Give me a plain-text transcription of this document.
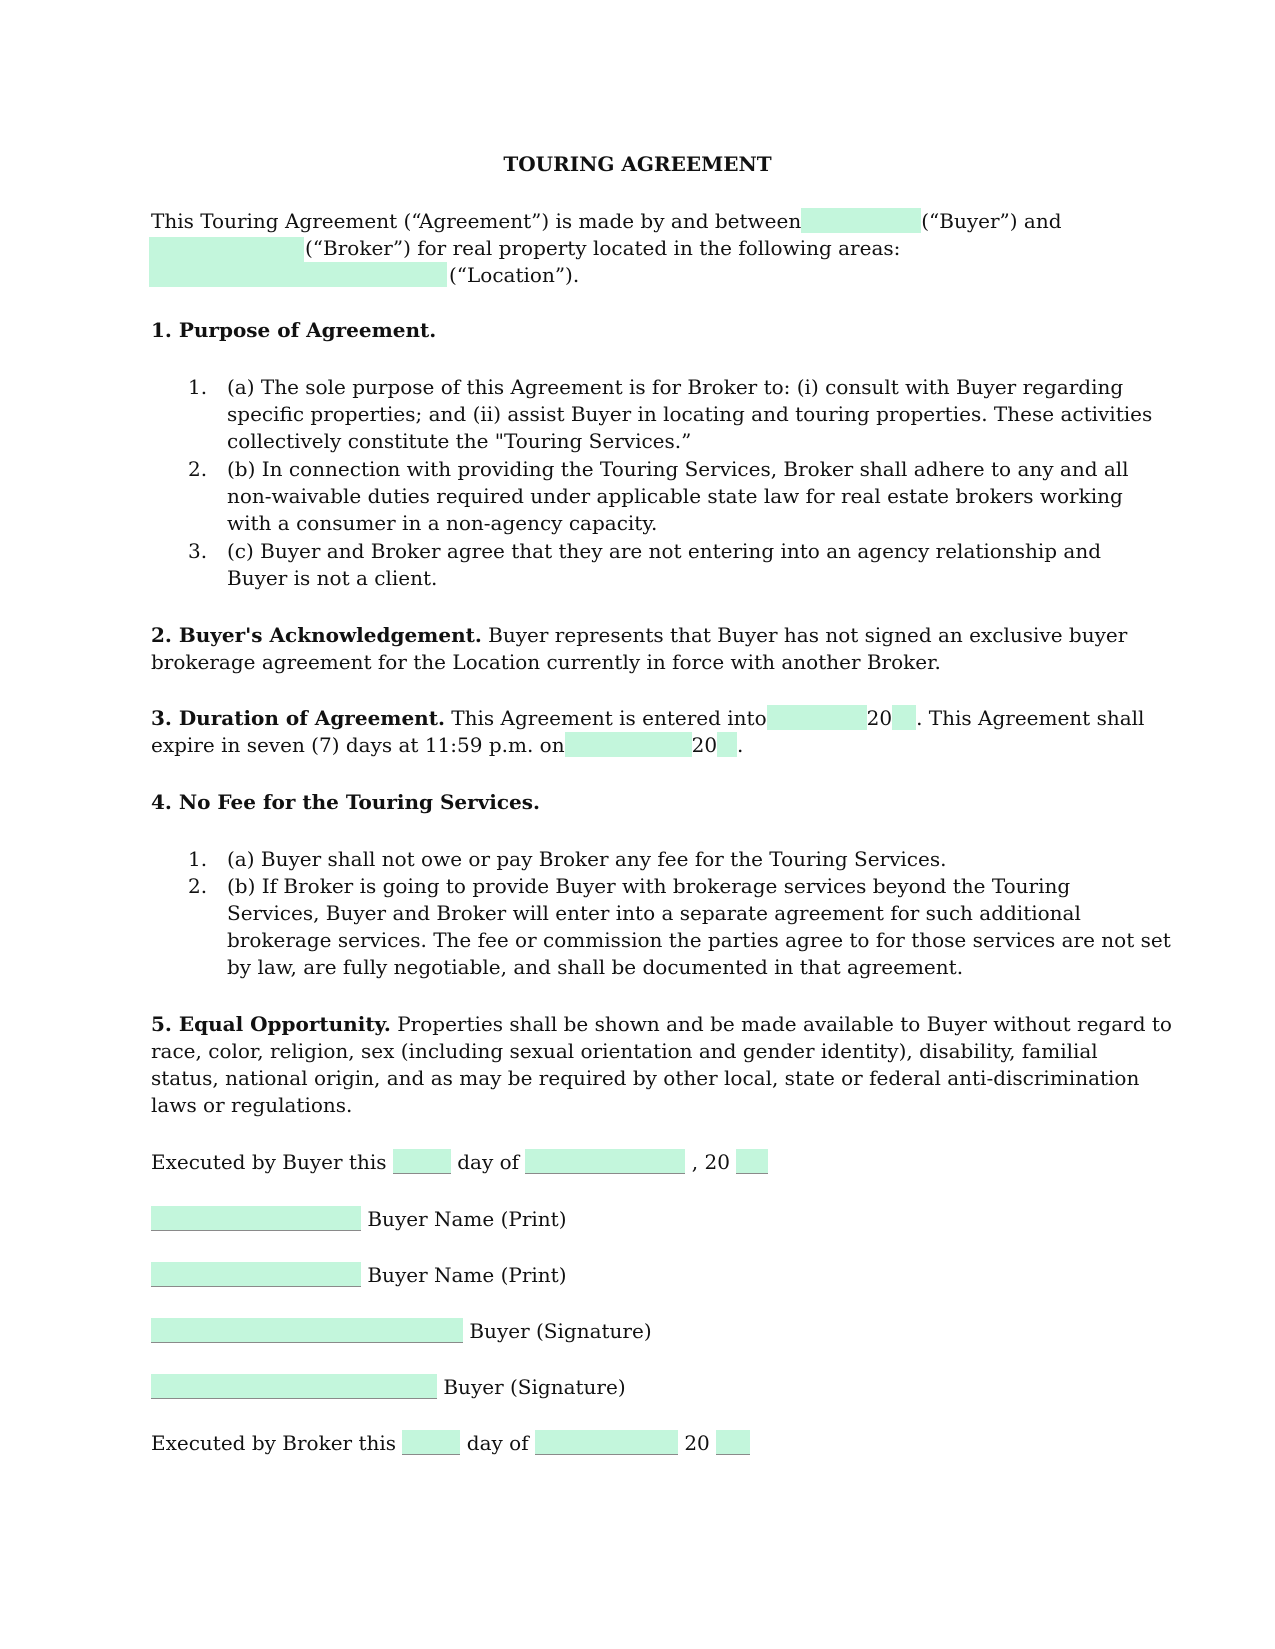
TOURING AGREEMENT
This Touring Agreement (“Agreement”) is made by and between	(“Buyer”) and
(“Broker”) for real property located in the following areas:
(“Location”).
1. Purpose of Agreement.
1. (a) The sole purpose of this Agreement is for Broker to: (i) consult with Buyer regarding
specific properties; and (ii) assist Buyer in locating and touring properties. These activities
collectively constitute the "Touring Services.”
2. (b) In connection with providing the Touring Services, Broker shall adhere to any and all
non-waivable duties required under applicable state law for real estate brokers working
with a consumer in a non-agency capacity.
3. (c) Buyer and Broker agree that they are not entering into an agency relationship and
Buyer is not a client.
2. Buyer's Acknowledgement. Buyer represents that Buyer has not signed an exclusive buyer
brokerage agreement for the Location currently in force with another Broker.
3. Duration of Agreement. This Agreement is entered into	20 . This Agreement shall
expire in seven (7) days at 11:59 p.m. on	20 .
4. No Fee for the Touring Services.
1. (a) Buyer shall not owe or pay Broker any fee for the Touring Services.
2. (b) If Broker is going to provide Buyer with brokerage services beyond the Touring
Services, Buyer and Broker will enter into a separate agreement for such additional
brokerage services. The fee or commission the parties agree to for those services are not set
by law, are fully negotiable, and shall be documented in that agreement.
5. Equal Opportunity. Properties shall be shown and be made available to Buyer without regard to
race, color, religion, sex (including sexual orientation and gender identity), disability, familial
status, national origin, and as may be required by other local, state or federal anti-discrimination
laws or regulations.
Executed by Buyer this	day of	, 20
Buyer Name (Print)
Buyer Name (Print)
Buyer (Signature)
Buyer (Signature)
Executed by Broker this	day of	20
